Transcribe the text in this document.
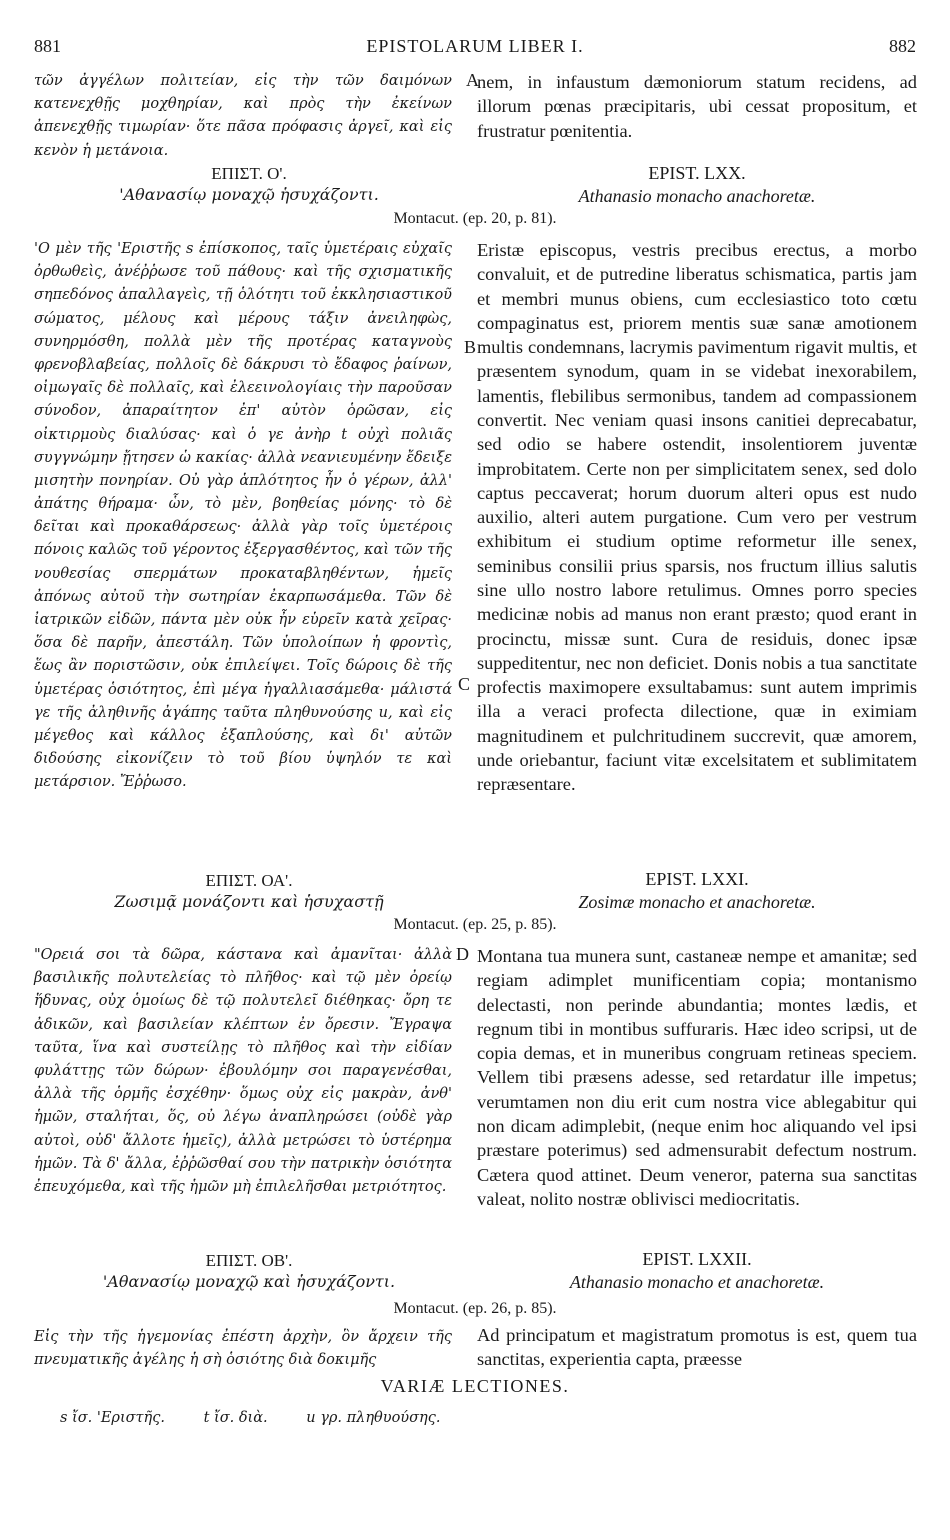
881	EPISTOLARUM LIBER I.	882
A
B
C
D

τῶν ἀγγέλων πολιτείαν, εἰς τὴν τῶν δαιμόνων κατενεχθῇς μοχθηρίαν, καὶ πρὸς τὴν ἐκείνων ἀπενεχθῇς τιμωρίαν· ὅτε πᾶσα πρόφασις ἀργεῖ, καὶ εἰς κενὸν ἡ μετάνοια.

nem, in infaustum dæmoniorum statum recidens, ad illorum pœnas præcipitaris, ubi cessat propositum, et frustratur pœnitentia.

ΕΠΙΣΤ. Ο'.
'Αθανασίῳ μοναχῷ ἡσυχάζοντι.
EPIST. LXX.
Athanasio monacho anachoretæ.
Montacut. (ep. 20, p. 81).

'Ο μὲν τῆς 'Εριστῆς s ἐπίσκοπος, ταῖς ὑμετέραις εὐχαῖς ὀρθωθεὶς, ἀνέῤῥωσε τοῦ πάθους· καὶ τῆς σχισματικῆς σηπεδόνος ἀπαλλαγεὶς, τῇ ὁλότητι τοῦ ἐκκλησιαστικοῦ σώματος, μέλους καὶ μέρους τάξιν ἀνειληφὼς, συνηρμόσθη, πολλὰ μὲν τῆς προτέρας καταγνοὺς φρενοβλαβείας, πολλοῖς δὲ δάκρυσι τὸ ἔδαφος ῥαίνων, οἰμωγαῖς δὲ πολλαῖς, καὶ ἐλεεινολογίαις τὴν παροῦσαν σύνοδον, ἀπαραίτητον ἐπ' αὐτὸν ὁρῶσαν, εἰς οἰκτιρμοὺς διαλύσας· καὶ ὁ γε ἀνὴρ t οὐχὶ πολιᾶς συγγνώμην ᾔτησεν ὡ κακίας· ἀλλὰ νεανιευμένην ἔδειξε μισητὴν πονηρίαν. Οὐ γὰρ ἁπλότητος ἦν ὁ γέρων, ἀλλ' ἀπάτης θήραμα· ὧν, τὸ μὲν, βοηθείας μόνης· τὸ δὲ δεῖται καὶ προκαθάρσεως· ἀλλὰ γὰρ τοῖς ὑμετέροις πόνοις καλῶς τοῦ γέροντος ἐξεργασθέντος, καὶ τῶν τῆς νουθεσίας σπερμάτων προκαταβληθέντων, ἡμεῖς ἀπόνως αὐτοῦ τὴν σωτηρίαν ἐκαρπωσάμεθα. Τῶν δὲ ἰατρικῶν εἰδῶν, πάντα μὲν οὐκ ἦν εὑρεῖν κατὰ χεῖρας· ὅσα δὲ παρῆν, ἀπεστάλη. Τῶν ὑπολοίπων ἡ φροντὶς, ἕως ἂν ποριστῶσιν, οὐκ ἐπιλείψει. Τοῖς δώροις δὲ τῆς ὑμετέρας ὁσιότητος, ἐπὶ μέγα ἠγαλλιασάμεθα· μάλιστά γε τῆς ἀληθινῆς ἀγάπης ταῦτα πληθυνούσης u, καὶ εἰς μέγεθος καὶ κάλλος ἐξαπλούσης, καὶ δι' αὐτῶν διδούσης εἰκονίζειν τὸ τοῦ βίου ὑψηλόν τε καὶ μετάρσιον. Ἔῤῥωσο.

Eristæ episcopus, vestris precibus erectus, a morbo convaluit, et de putredine liberatus schismatica, partis jam et membri munus obiens, cum ecclesiastico toto cœtu compaginatus est, priorem mentis suæ sanæ amotionem multis condemnans, lacrymis pavimentum rigavit multis, et præsentem synodum, quam in se videbat inexorabilem, lamentis, flebilibus sermonibus, tandem ad compassionem convertit. Nec veniam quasi insons canitiei deprecabatur, sed odio se habere ostendit, insolentiorem juventæ improbitatem. Certe non per simplicitatem senex, sed dolo captus peccaverat; horum duorum alteri opus est nudo auxilio, alteri autem purgatione. Cum vero per vestrum exhibitum ei studium optime reformetur ille senex, seminibus consilii prius sparsis, nos fructum illius salutis sine ullo nostro labore retulimus. Omnes porro species medicinæ nobis ad manus non erant præsto; quod erant in procinctu, missæ sunt. Cura de residuis, donec ipsæ suppeditentur, nec non deficiet. Donis nobis a tua sanctitate profectis maximopere exsultabamus: sunt autem imprimis illa a veraci profecta dilectione, quæ in eximiam magnitudinem et pulchritudinem succrevit, quæ amorem, unde oriebantur, faciunt vitæ excelsitatem et sublimitatem repræsentare.

ΕΠΙΣΤ. ΟΑ'.
Ζωσιμᾷ μονάζοντι καὶ ἡσυχαστῇ
EPIST. LXXI.
Zosimæ monacho et anachoretæ.
Montacut. (ep. 25, p. 85).

"Ορειά σοι τὰ δῶρα, κάστανα καὶ ἀμανῖται· ἀλλὰ βασιλικῆς πολυτελείας τὸ πλῆθος· καὶ τῷ μὲν ὀρείῳ ἥδυνας, οὐχ ὁμοίως δὲ τῷ πολυτελεῖ διέθηκας· ὄρη τε ἀδικῶν, καὶ βασιλείαν κλέπτων ἐν ὄρεσιν. Ἔγραψα ταῦτα, ἵνα καὶ συστείλῃς τὸ πλῆθος καὶ τὴν εἰδίαν φυλάττῃς τῶν δώρων· ἐβουλόμην σοι παραγενέσθαι, ἀλλὰ τῆς ὁρμῆς ἐσχέθην· ὅμως οὐχ εἰς μακρὰν, ἀνθ' ἡμῶν, σταλήται, ὅς, οὐ λέγω ἀναπληρώσει (οὐδὲ γὰρ αὐτοὶ, οὐδ' ἄλλοτε ἡμεῖς), ἀλλὰ μετρώσει τὸ ὑστέρημα ἡμῶν. Τὰ δ' ἄλλα, ἐῤῥῶσθαί σου τὴν πατρικὴν ὁσιότητα ἐπευχόμεθα, καὶ τῆς ἡμῶν μὴ ἐπιλελῆσθαι μετριότητος.

Montana tua munera sunt, castaneæ nempe et amanitæ; sed regiam adimplet munificentiam copia; montanismo delectasti, non perinde abundantia; montes lædis, et regnum tibi in montibus suffuraris. Hæc ideo scripsi, ut de copia demas, et in muneribus congruam retineas speciem. Vellem tibi præsens adesse, sed retardatur ille impetus; verumtamen non diu erit cum nostra vice ablegabitur qui non dicam adimplebit, (neque enim hoc aliquando vel ipsi præstare poterimus) sed admensurabit defectum nostrum. Cætera quod attinet. Deum veneror, paterna sua sanctitas valeat, nolito nostræ oblivisci mediocritatis.

ΕΠΙΣΤ. ΟΒ'.
'Αθανασίῳ μοναχῷ καὶ ἡσυχάζοντι.
EPIST. LXXII.
Athanasio monacho et anachoretæ.
Montacut. (ep. 26, p. 85).

Εἰς τὴν τῆς ἡγεμονίας ἐπέστη ἀρχὴν, ὃν ἄρχειν τῆς πνευματικῆς ἀγέλης ἡ σὴ ὁσιότης διὰ δοκιμῆς

Ad principatum et magistratum promotus is est, quem tua sanctitas, experientia capta, præesse

VARIÆ LECTIONES.
s ἴσ. 'Εριστῆς.	t ἴσ. διὰ.	u γρ. πληθυούσης.
